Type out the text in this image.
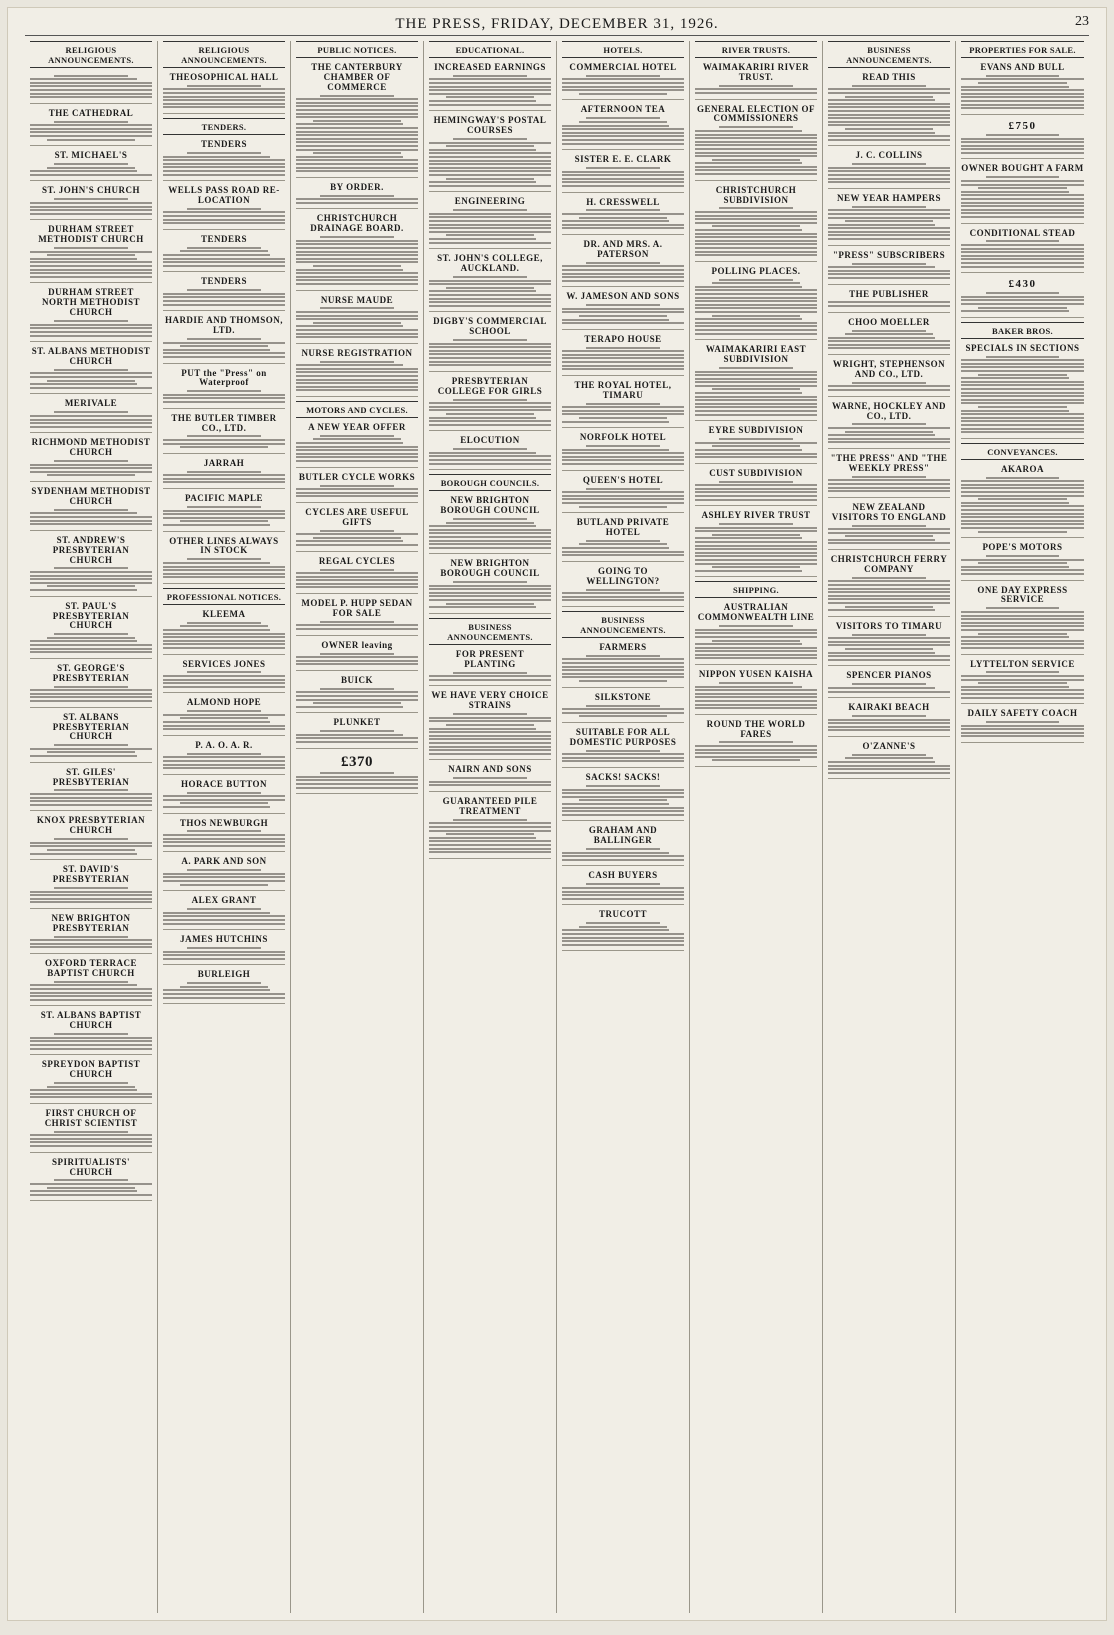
THE PRESS, FRIDAY, DECEMBER 31, 1926.	23
RELIGIOUS ANNOUNCEMENTS.
THE CATHEDRAL
ST. MICHAEL'S
ST. JOHN'S CHURCH
DURHAM STREET METHODIST CHURCH
DURHAM STREET NORTH METHODIST CHURCH
ST. ALBANS METHODIST CHURCH
MERIVALE
RICHMOND METHODIST CHURCH
SYDENHAM METHODIST CHURCH
ST. ANDREW'S PRESBYTERIAN CHURCH
ST. PAUL'S PRESBYTERIAN CHURCH
ST. GEORGE'S PRESBYTERIAN
ST. ALBANS PRESBYTERIAN CHURCH
ST. GILES' PRESBYTERIAN
KNOX PRESBYTERIAN CHURCH
ST. DAVID'S PRESBYTERIAN
NEW BRIGHTON PRESBYTERIAN
OXFORD TERRACE BAPTIST CHURCH
ST. ALBANS BAPTIST CHURCH
SPREYDON BAPTIST CHURCH
FIRST CHURCH OF CHRIST SCIENTIST
SPIRITUALISTS' CHURCH
RELIGIOUS ANNOUNCEMENTS.
THEOSOPHICAL HALL
TENDERS.
TENDERS
WELLS PASS ROAD RE-LOCATION
TENDERS
TENDERS
HARDIE AND THOMSON, LTD.
PUT the "Press" on Waterproof
THE BUTLER TIMBER CO., LTD.
JARRAH
PACIFIC MAPLE
OTHER LINES ALWAYS IN STOCK
PROFESSIONAL NOTICES.
KLEEMA
SERVICES JONES
ALMOND HOPE
P. A. O. A. R.
HORACE BUTTON
THOS NEWBURGH
A. PARK AND SON
ALEX GRANT
JAMES HUTCHINS
BURLEIGH
PUBLIC NOTICES.
THE CANTERBURY CHAMBER OF COMMERCE
BY ORDER.
CHRISTCHURCH DRAINAGE BOARD.
NURSE MAUDE
NURSE REGISTRATION
MOTORS AND CYCLES.
A NEW YEAR OFFER
BUTLER CYCLE WORKS
CYCLES ARE USEFUL GIFTS
REGAL CYCLES
MODEL P. HUPP SEDAN FOR SALE
OWNER leaving
BUICK
PLUNKET
£370
EDUCATIONAL.
INCREASED EARNINGS
HEMINGWAY'S POSTAL COURSES
ENGINEERING
ST. JOHN'S COLLEGE, AUCKLAND.
DIGBY'S COMMERCIAL SCHOOL
PRESBYTERIAN COLLEGE FOR GIRLS
ELOCUTION
BOROUGH COUNCILS.
NEW BRIGHTON BOROUGH COUNCIL
NEW BRIGHTON BOROUGH COUNCIL
BUSINESS ANNOUNCEMENTS.
FOR PRESENT PLANTING
WE HAVE VERY CHOICE STRAINS
NAIRN AND SONS
GUARANTEED PILE TREATMENT
HOTELS.
COMMERCIAL HOTEL
AFTERNOON TEA
SISTER E. E. CLARK
H. CRESSWELL
DR. AND MRS. A. PATERSON
W. JAMESON AND SONS
TERAPO HOUSE
THE ROYAL HOTEL, TIMARU
NORFOLK HOTEL
QUEEN'S HOTEL
BUTLAND PRIVATE HOTEL
GOING TO WELLINGTON?
BUSINESS ANNOUNCEMENTS.
FARMERS
SILKSTONE
SUITABLE FOR ALL DOMESTIC PURPOSES
SACKS! SACKS!
GRAHAM AND BALLINGER
CASH BUYERS
TRUCOTT
RIVER TRUSTS.
WAIMAKARIRI RIVER TRUST.
GENERAL ELECTION OF COMMISSIONERS
CHRISTCHURCH SUBDIVISION
POLLING PLACES.
WAIMAKARIRI EAST SUBDIVISION
EYRE SUBDIVISION
CUST SUBDIVISION
ASHLEY RIVER TRUST
SHIPPING.
AUSTRALIAN COMMONWEALTH LINE
NIPPON YUSEN KAISHA
ROUND THE WORLD FARES
BUSINESS ANNOUNCEMENTS.
READ THIS
J. C. COLLINS
NEW YEAR HAMPERS
"PRESS" SUBSCRIBERS
THE PUBLISHER
CHOO MOELLER
WRIGHT, STEPHENSON AND CO., LTD.
WARNE, HOCKLEY AND CO., LTD.
"THE PRESS" AND "THE WEEKLY PRESS"
NEW ZEALAND VISITORS TO ENGLAND
CHRISTCHURCH FERRY COMPANY
VISITORS TO TIMARU
SPENCER PIANOS
KAIRAKI BEACH
O'ZANNE'S
PROPERTIES FOR SALE.
EVANS AND BULL
£750
OWNER BOUGHT A FARM
CONDITIONAL STEAD
£430
BAKER BROS.
SPECIALS IN SECTIONS
CONVEYANCES.
AKAROA
POPE'S MOTORS
ONE DAY EXPRESS SERVICE
LYTTELTON SERVICE
DAILY SAFETY COACH
